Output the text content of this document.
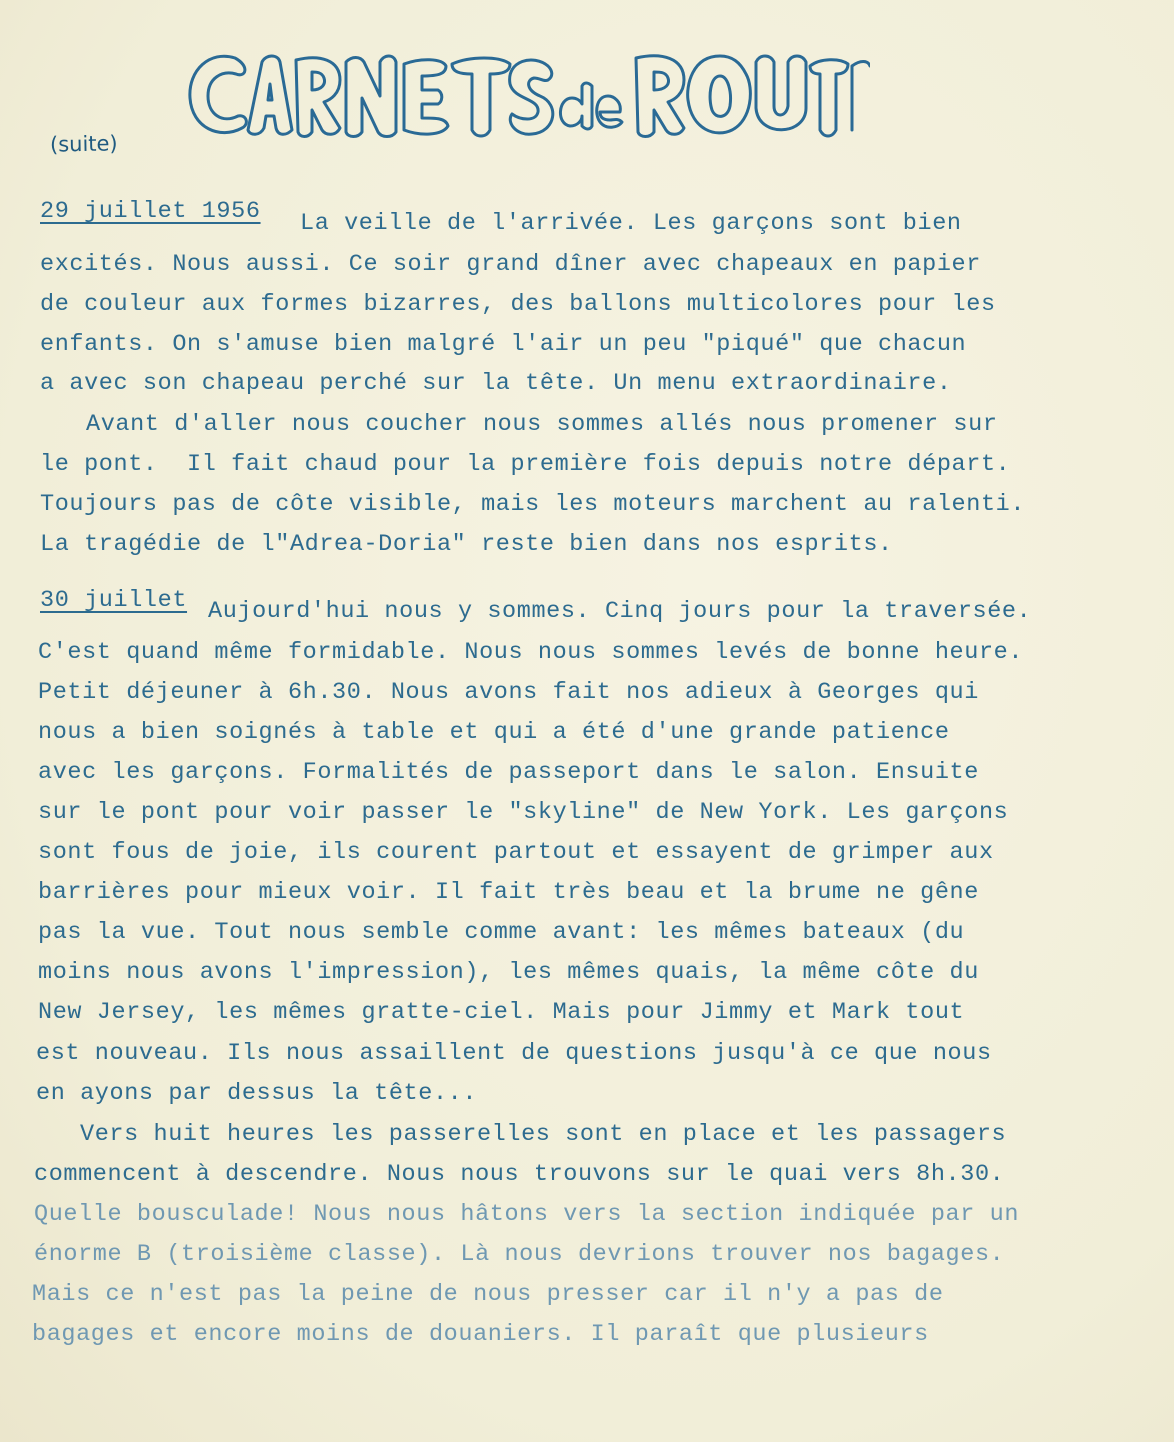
(suite)
29 juillet 1956 La veille de l'arrivée. Les garçons sont bien
excités. Nous aussi. Ce soir grand dîner avec chapeaux en papier
de couleur aux formes bizarres, des ballons multicolores pour les
enfants. On s'amuse bien malgré l'air un peu "piqué" que chacun
a avec son chapeau perché sur la tête. Un menu extraordinaire.
Avant d'aller nous coucher nous sommes allés nous promener sur
le pont.  Il fait chaud pour la première fois depuis notre départ.
Toujours pas de côte visible, mais les moteurs marchent au ralenti.
La tragédie de l"Adrea-Doria" reste bien dans nos esprits.
30 juillet Aujourd'hui nous y sommes. Cinq jours pour la traversée.
C'est quand même formidable. Nous nous sommes levés de bonne heure.
Petit déjeuner à 6h.30. Nous avons fait nos adieux à Georges qui
nous a bien soignés à table et qui a été d'une grande patience
avec les garçons. Formalités de passeport dans le salon. Ensuite
sur le pont pour voir passer le "skyline" de New York. Les garçons
sont fous de joie, ils courent partout et essayent de grimper aux
barrières pour mieux voir. Il fait très beau et la brume ne gêne
pas la vue. Tout nous semble comme avant: les mêmes bateaux (du
moins nous avons l'impression), les mêmes quais, la même côte du
New Jersey, les mêmes gratte-ciel. Mais pour Jimmy et Mark tout
est nouveau. Ils nous assaillent de questions jusqu'à ce que nous
en ayons par dessus la tête...
Vers huit heures les passerelles sont en place et les passagers
commencent à descendre. Nous nous trouvons sur le quai vers 8h.30.
Quelle bousculade! Nous nous hâtons vers la section indiquée par un
énorme B (troisième classe). Là nous devrions trouver nos bagages.
Mais ce n'est pas la peine de nous presser car il n'y a pas de
bagages et encore moins de douaniers. Il paraît que plusieurs
